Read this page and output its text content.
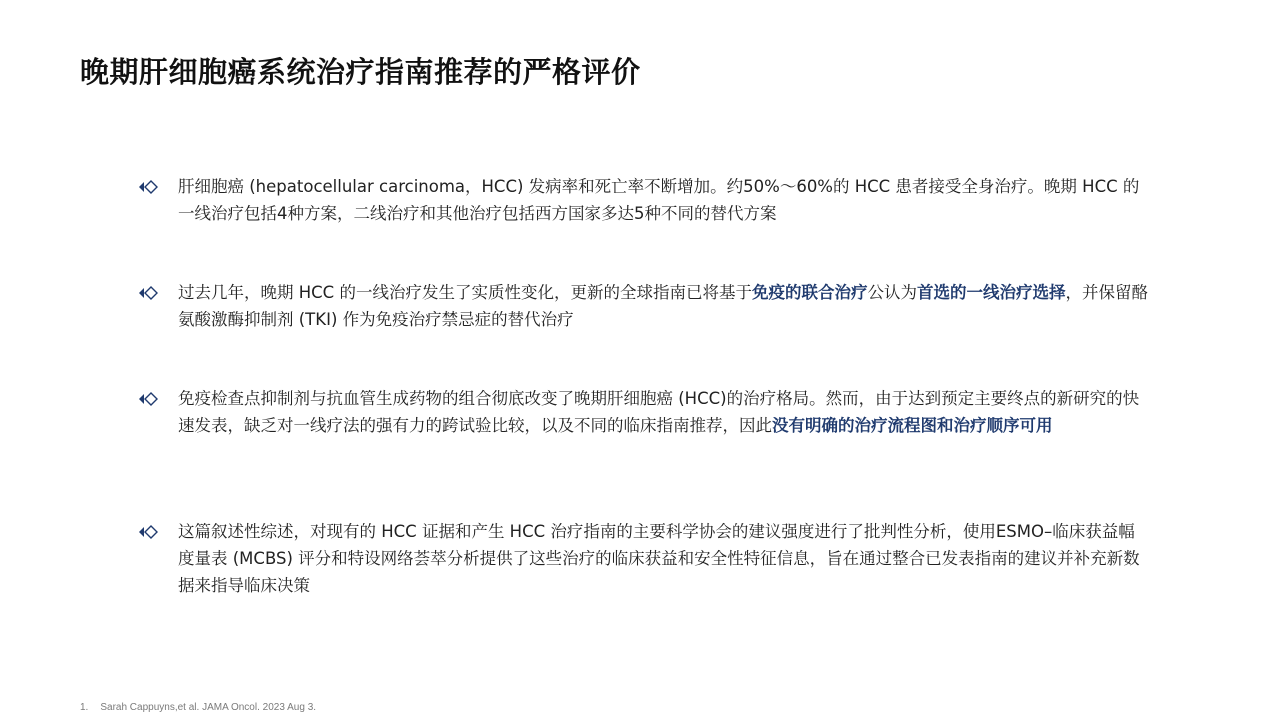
晚期肝细胞癌系统治疗指南推荐的严格评价
肝细胞癌 (hepatocellular carcinoma，HCC) 发病率和死亡率不断增加。约50%～60%的 HCC 患者接受全身治疗。晚期 HCC 的一线治疗包括4种方案，二线治疗和其他治疗包括西方国家多达5种不同的替代方案
过去几年，晚期 HCC 的一线治疗发生了实质性变化，更新的全球指南已将基于免疫的联合治疗公认为首选的一线治疗选择，并保留酪氨酸激酶抑制剂 (TKI) 作为免疫治疗禁忌症的替代治疗
免疫检查点抑制剂与抗血管生成药物的组合彻底改变了晚期肝细胞癌 (HCC)的治疗格局。然而，由于达到预定主要终点的新研究的快速发表，缺乏对一线疗法的强有力的跨试验比较，以及不同的临床指南推荐，因此没有明确的治疗流程图和治疗顺序可用
这篇叙述性综述，对现有的 HCC 证据和产生 HCC 治疗指南的主要科学协会的建议强度进行了批判性分析，使用ESMO–临床获益幅度量表 (MCBS) 评分和特设网络荟萃分析提供了这些治疗的临床获益和安全性特征信息，旨在通过整合已发表指南的建议并补充新数据来指导临床决策
1. Sarah Cappuyns,et al. JAMA Oncol. 2023 Aug 3.
